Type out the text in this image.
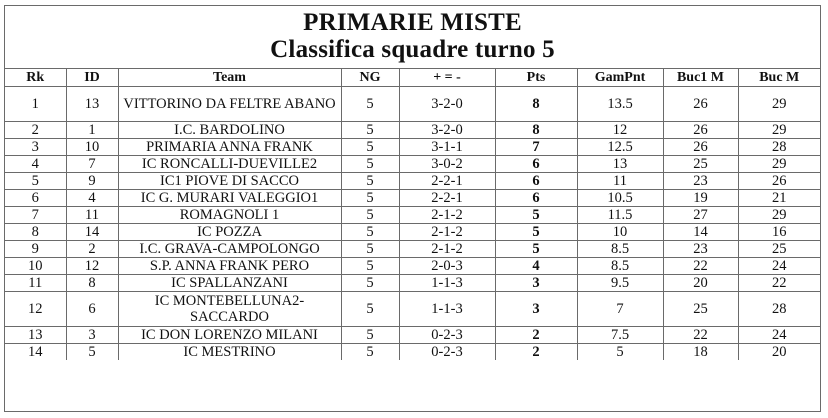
PRIMARIE MISTE
Classifica squadre turno 5
Rk	ID	Team	NG	+ = -	Pts	GamPnt	Buc1 M	Buc M
1	13	VITTORINO DA FELTRE ABANO	5	3-2-0	8	13.5	26	29
2	1	I.C. BARDOLINO	5	3-2-0	8	12	26	29
3	10	PRIMARIA ANNA FRANK	5	3-1-1	7	12.5	26	28
4	7	IC RONCALLI-DUEVILLE2	5	3-0-2	6	13	25	29
5	9	IC1 PIOVE DI SACCO	5	2-2-1	6	11	23	26
6	4	IC G. MURARI VALEGGIO1	5	2-2-1	6	10.5	19	21
7	11	ROMAGNOLI 1	5	2-1-2	5	11.5	27	29
8	14	IC POZZA	5	2-1-2	5	10	14	16
9	2	I.C. GRAVA-CAMPOLONGO	5	2-1-2	5	8.5	23	25
10	12	S.P. ANNA FRANK PERO	5	2-0-3	4	8.5	22	24
11	8	IC SPALLANZANI	5	1-1-3	3	9.5	20	22
12	6	IC MONTEBELLUNA2-SACCARDO	5	1-1-3	3	7	25	28
13	3	IC DON LORENZO MILANI	5	0-2-3	2	7.5	22	24
14	5	IC MESTRINO	5	0-2-3	2	5	18	20
